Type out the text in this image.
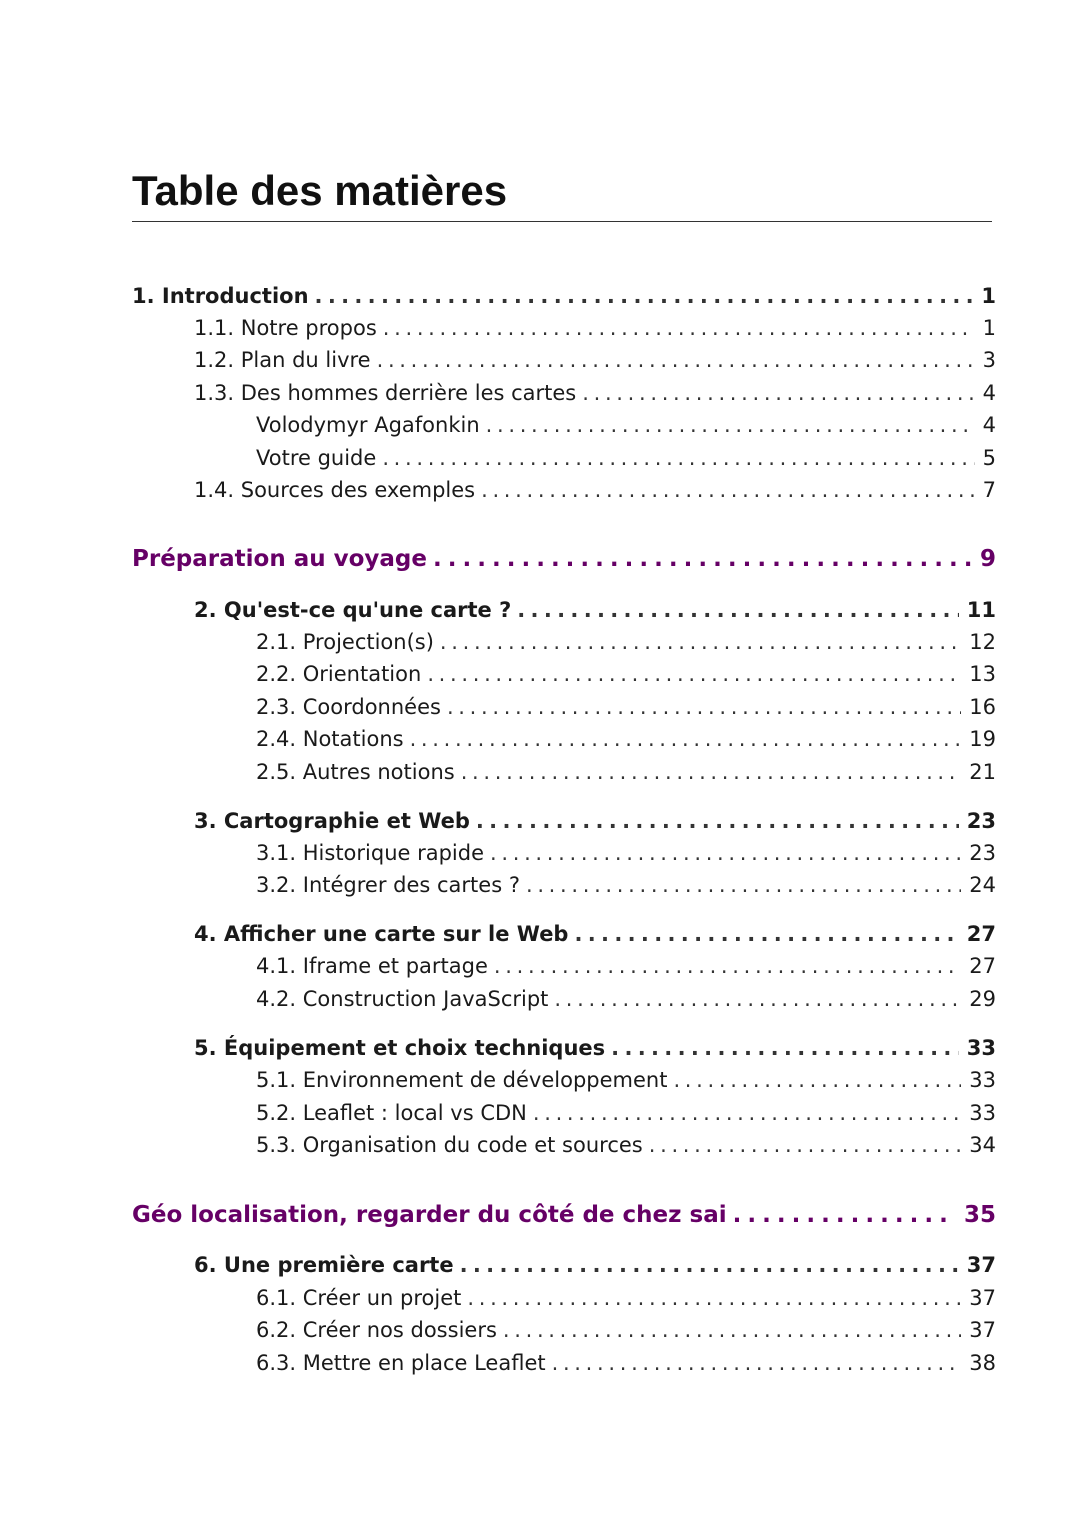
Table des matières
1. Introduction . . .	1
1.1. Notre propos . . .	1
1.2. Plan du livre . . .	3
1.3. Des hommes derrière les cartes . . .	4
Volodymyr Agafonkin . . .	4
Votre guide . . .	5
1.4. Sources des exemples . . .	7
Préparation au voyage . . .	9
2. Qu'est-ce qu'une carte ? . . .	11
2.1. Projection(s) . . .	12
2.2. Orientation . . .	13
2.3. Coordonnées . . .	16
2.4. Notations . . .	19
2.5. Autres notions . . .	21
3. Cartographie et Web . . .	23
3.1. Historique rapide . . .	23
3.2. Intégrer des cartes ? . . .	24
4. Afficher une carte sur le Web . . .	27
4.1. Iframe et partage . . .	27
4.2. Construction JavaScript . . .	29
5. Équipement et choix techniques . . .	33
5.1. Environnement de développement . . .	33
5.2. Leaflet : local vs CDN . . .	33
5.3. Organisation du code et sources . . .	34
Géo localisation, regarder du côté de chez sai . . .	35
6. Une première carte . . .	37
6.1. Créer un projet . . .	37
6.2. Créer nos dossiers . . .	37
6.3. Mettre en place Leaflet . . .	38
